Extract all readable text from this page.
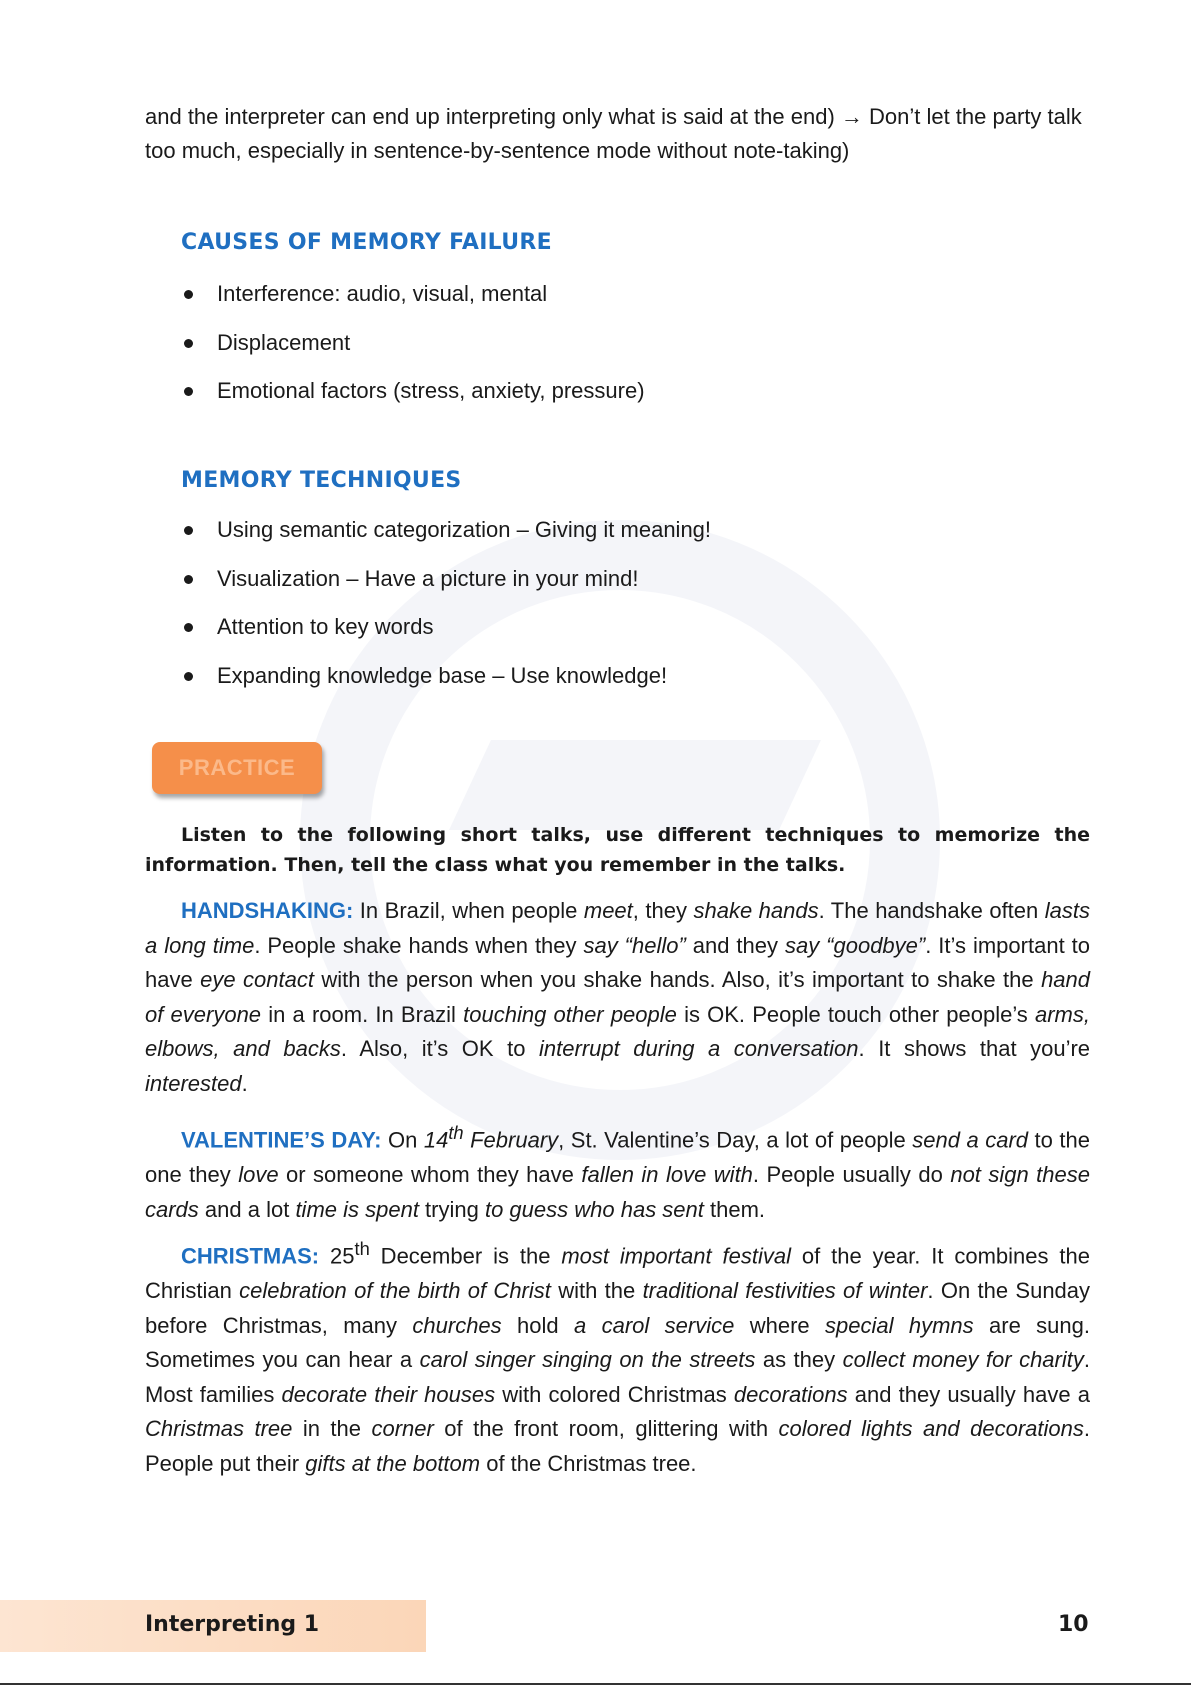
and the interpreter can end up interpreting only what is said at the end) → Don’t let the party talk too much, especially in sentence-by-sentence mode without note-taking)
CAUSES OF MEMORY FAILURE
Interference: audio, visual, mental
Displacement
Emotional factors (stress, anxiety, pressure)
MEMORY TECHNIQUES
Using semantic categorization – Giving it meaning!
Visualization – Have a picture in your mind!
Attention to key words
Expanding knowledge base – Use knowledge!
PRACTICE
Listen to the following short talks, use different techniques to memorize the information. Then, tell the class what you remember in the talks.

HANDSHAKING: In Brazil, when people meet, they shake hands. The handshake often lasts a long time. People shake hands when they say “hello” and they say “goodbye”. It’s important to have eye contact with the person when you shake hands. Also, it’s important to shake the hand of everyone in a room. In Brazil touching other people is OK. People touch other people’s arms, elbows, and backs. Also, it’s OK to interrupt during a conversation. It shows that you’re interested.

VALENTINE’S DAY: On 14th February, St. Valentine’s Day, a lot of people send a card to the one they love or someone whom they have fallen in love with. People usually do not sign these cards and a lot time is spent trying to guess who has sent them.

CHRISTMAS: 25th December is the most important festival of the year. It combines the Christian celebration of the birth of Christ with the traditional festivities of winter. On the Sunday before Christmas, many churches hold a carol service where special hymns are sung. Sometimes you can hear a carol singer singing on the streets as they collect money for charity. Most families decorate their houses with colored Christmas decorations and they usually have a Christmas tree in the corner of the front room, glittering with colored lights and decorations. People put their gifts at the bottom of the Christmas tree.

Interpreting 1	10
